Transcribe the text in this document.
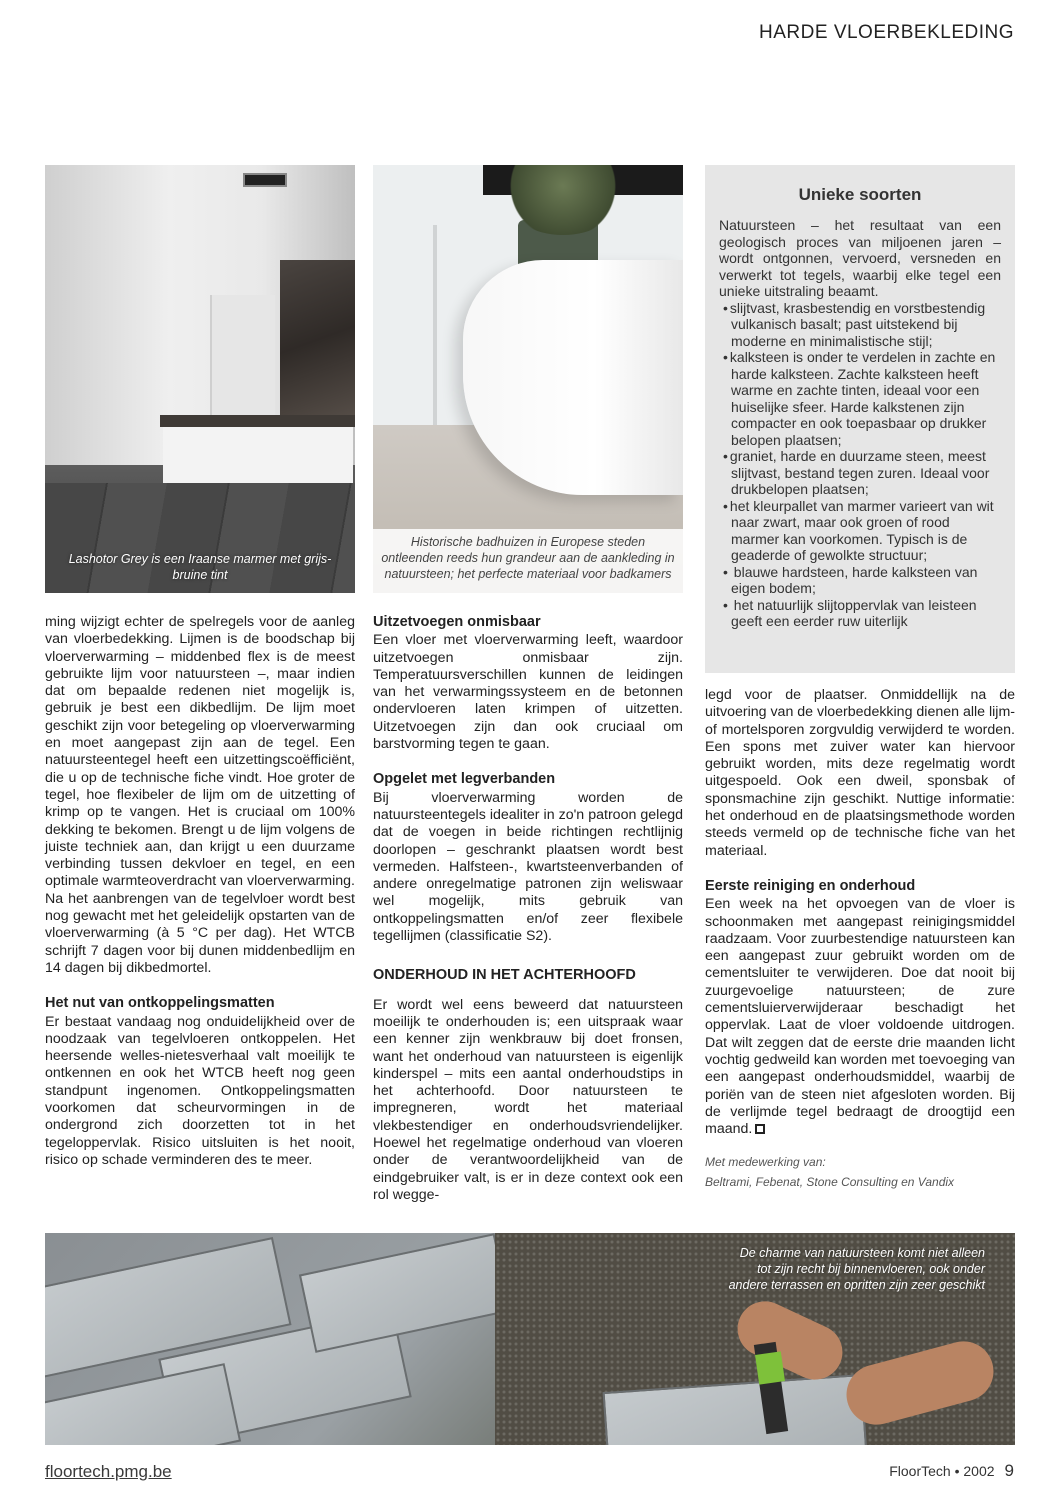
HARDE VLOERBEKLEDING
Lashotor Grey is een Iraanse marmer met grijs-bruine tint
Historische badhuizen in Europese steden ontleenden reeds hun grandeur aan de aankleding in natuursteen; het perfecte materiaal voor badkamers
Unieke soorten

Natuursteen – het resultaat van een geologisch proces van miljoenen jaren – wordt ontgonnen, vervoerd, versneden en verwerkt tot tegels, waarbij elke tegel een unieke uitstraling beaamt.

• slijtvast, krasbestendig en vorstbestendig vulkanisch basalt; past uitstekend bij moderne en minimalistische stijl;
• kalksteen is onder te verdelen in zachte en harde kalksteen. Zachte kalksteen heeft warme en zachte tinten, ideaal voor een huiselijke sfeer. Harde kalkstenen zijn compacter en ook toepasbaar op drukker belopen plaatsen;
• graniet, harde en duurzame steen, meest slijtvast, bestand tegen zuren. Ideaal voor drukbelopen plaatsen;
• het kleurpallet van marmer varieert van wit naar zwart, maar ook groen of rood marmer kan voorkomen. Typisch is de geaderde of gewolkte structuur;
• blauwe hardsteen, harde kalksteen van eigen bodem;
• het natuurlijk slijtoppervlak van leisteen geeft een eerder ruw uiterlijk

ming wijzigt echter de spelregels voor de aanleg van vloerbedekking. Lijmen is de boodschap bij vloerverwarming – middenbed flex is de meest gebruikte lijm voor natuursteen –, maar indien dat om bepaalde redenen niet mogelijk is, gebruik je best een dikbedlijm. De lijm moet geschikt zijn voor betegeling op vloerverwarming en moet aangepast zijn aan de tegel. Een natuursteentegel heeft een uitzettingscoëfficiënt, die u op de technische fiche vindt. Hoe groter de tegel, hoe flexibeler de lijm om de uitzetting of krimp op te vangen. Het is cruciaal om 100% dekking te bekomen. Brengt u de lijm volgens de juiste techniek aan, dan krijgt u een duurzame verbinding tussen dekvloer en tegel, en een optimale warmteoverdracht van vloerverwarming. Na het aanbrengen van de tegelvloer wordt best nog gewacht met het geleidelijk opstarten van de vloerverwarming (à 5 °C per dag). Het WTCB schrijft 7 dagen voor bij dunen middenbedlijm en 14 dagen bij dikbedmortel.

Het nut van ontkoppelingsmatten

Er bestaat vandaag nog onduidelijkheid over de noodzaak van tegelvloeren ontkoppelen. Het heersende welles-nietesverhaal valt moeilijk te ontkennen en ook het WTCB heeft nog geen standpunt ingenomen. Ontkoppelingsmatten voorkomen dat scheurvormingen in de ondergrond zich doorzetten tot in het tegeloppervlak. Risico uitsluiten is het nooit, risico op schade verminderen des te meer.

Uitzetvoegen onmisbaar

Een vloer met vloerverwarming leeft, waardoor uitzetvoegen onmisbaar zijn. Temperatuursverschillen kunnen de leidingen van het verwarmingssysteem en de betonnen ondervloeren laten krimpen of uitzetten. Uitzetvoegen zijn dan ook cruciaal om barstvorming tegen te gaan.

Opgelet met legverbanden

Bij vloerverwarming worden de natuursteentegels idealiter in zo'n patroon gelegd dat de voegen in beide richtingen rechtlijnig doorlopen – geschrankt plaatsen wordt best vermeden. Halfsteen-, kwartsteenverbanden of andere onregelmatige patronen zijn weliswaar wel mogelijk, mits gebruik van ontkoppelingsmatten en/of zeer flexibele tegellijmen (classificatie S2).

ONDERHOUD IN HET ACHTERHOOFD

Er wordt wel eens beweerd dat natuursteen moeilijk te onderhouden is; een uitspraak waar een kenner zijn wenkbrauw bij doet fronsen, want het onderhoud van natuursteen is eigenlijk kinderspel – mits een aantal onderhoudstips in het achterhoofd. Door natuursteen te impregneren, wordt het materiaal vlekbestendiger en onderhoudsvriendelijker. Hoewel het regelmatige onderhoud van vloeren onder de verantwoordelijkheid van de eindgebruiker valt, is er in deze context ook een rol wegge-

legd voor de plaatser. Onmiddellijk na de uitvoering van de vloerbedekking dienen alle lijm- of mortelsporen zorgvuldig verwijderd te worden. Een spons met zuiver water kan hiervoor gebruikt worden, mits deze regelmatig wordt uitgespoeld. Ook een dweil, sponsbak of sponsmachine zijn geschikt. Nuttige informatie: het onderhoud en de plaatsingsmethode worden steeds vermeld op de technische fiche van het materiaal.

Eerste reiniging en onderhoud

Een week na het opvoegen van de vloer is schoonmaken met aangepast reinigingsmiddel raadzaam. Voor zuurbestendige natuursteen kan een aangepast zuur gebruikt worden om de cementsluiter te verwijderen. Doe dat nooit bij zuurgevoelige natuursteen; de zure cementsluierverwijderaar beschadigt het oppervlak. Laat de vloer voldoende uitdrogen. Dat wilt zeggen dat de eerste drie maanden licht vochtig gedweild kan worden met toevoeging van een aangepast onderhoudsmiddel, waarbij de poriën van de steen niet afgesloten worden. Bij de verlijmde tegel bedraagt de droogtijd een maand.

Met medewerking van:
Beltrami, Febenat, Stone Consulting en Vandix
De charme van natuursteen komt niet alleen tot zijn recht bij binnenvloeren, ook onder andere terrassen en opritten zijn zeer geschikt
floortech.pmg.be	FloorTech • 2002 9
